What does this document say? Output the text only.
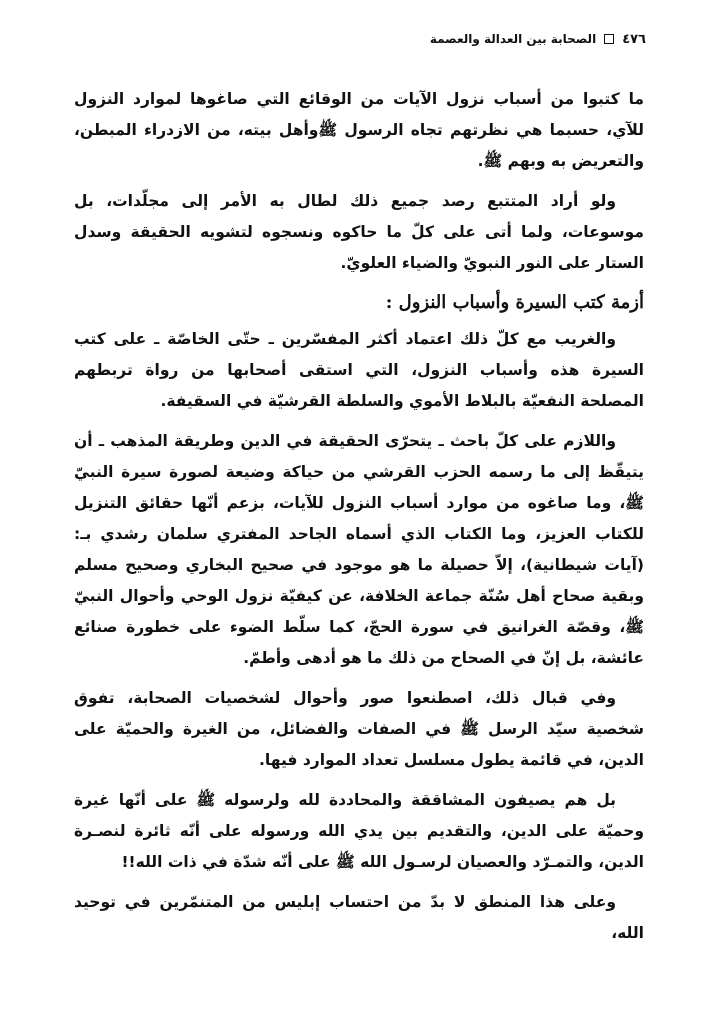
٤٧٦
الصحابة بين العدالة والعصمة

ما كتبوا من أسباب نزول الآيات من الوقائع التي صاغوها لموارد النزول للآي، حسبما هي نظرتهم تجاه الرسول ﷺوأهل بيته، من الازدراء المبطن، والتعريض به وبهم ﷺ.

ولو أراد المتتبع رصد جميع ذلك لطال به الأمر إلى مجلّدات، بل موسوعات، ولما أتى على كلّ ما حاكوه ونسجوه لتشويه الحقيقة وسدل الستار على النور النبويّ والضياء العلويّ.

أزمة كتب السيرة وأسباب النزول :

والغريب مع كلّ ذلك اعتماد أكثر المفسّرين ـ حتّى الخاصّة ـ على كتب السيرة هذه وأسباب النزول، التي استقى أصحابها من رواة تربطهم المصلحة النفعيّة بالبلاط الأموي والسلطة القرشيّة في السقيفة.

واللازم على كلّ باحث ـ يتحرّى الحقيقة في الدين وطريقة المذهب ـ أن يتيقّظ إلى ما رسمه الحزب القرشي من حياكة وضيعة لصورة سيرة النبيّ ﷺ، وما صاغوه من موارد أسباب النزول للآيات، بزعم أنّها حقائق التنزيل للكتاب العزيز، وما الكتاب الذي أسماه الجاحد المفتري سلمان رشدي بـ: (آيات شيطانية)، إلاّ حصيلة ما هو موجود في صحيح البخاري وصحيح مسلم وبقية صحاح أهل سُنّة جماعة الخلافة، عن كيفيّة نزول الوحي وأحوال النبيّ ﷺ، وقصّة الغرانيق في سورة الحجّ، كما سلّط الضوء على خطورة صنائع عائشة، بل إنّ في الصحاح من ذلك ما هو أدهى وأطمّ.

وفي قبال ذلك، اصطنعوا صور وأحوال لشخصيات الصحابة، تفوق شخصية سيّد الرسل ﷺ في الصفات والفضائل، من الغيرة والحميّة على الدين، في قائمة يطول مسلسل تعداد الموارد فيها.

بل هم يصيفون المشاققة والمحاددة لله ولرسوله ﷺ على أنّها غيرة وحميّة على الدين، والتقديم بين يدي الله ورسوله على أنّه ثائرة لنصـرة الدين، والتمـرّد والعصيان لرسـول الله ﷺ على أنّه شدّة في ذات الله!!

وعلى هذا المنطق لا بدّ من احتساب إبليس من المتنمّرين في توحيد الله،
